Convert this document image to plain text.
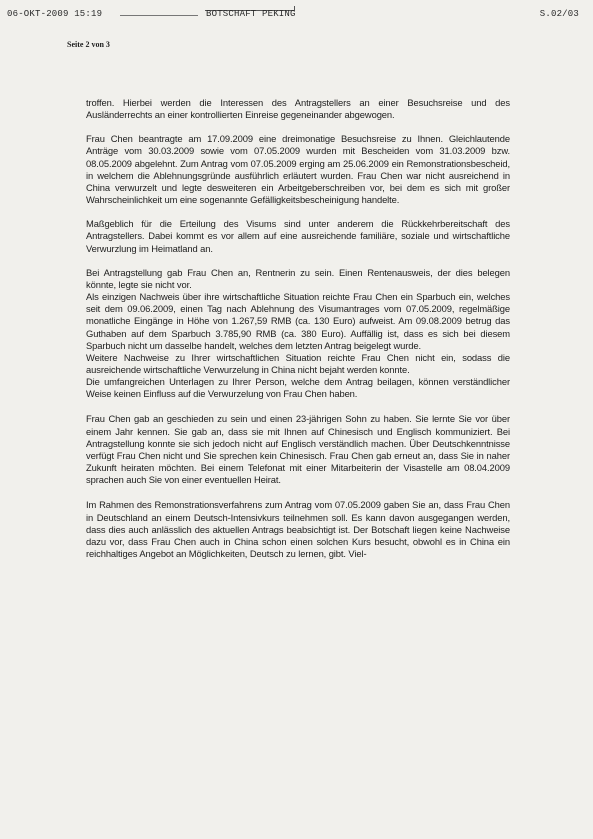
06-OKT-2009 15:19	BOTSCHAFT PEKING	S.02/03
Seite 2 von 3

troffen. Hierbei werden die Interessen des Antragstellers an einer Besuchsreise und des Ausländerrechts an einer kontrollierten Einreise gegeneinander abgewogen.

Frau Chen beantragte am 17.09.2009 eine dreimonatige Besuchsreise zu Ihnen. Gleichlautende Anträge vom 30.03.2009 sowie vom 07.05.2009 wurden mit Bescheiden vom 31.03.2009 bzw. 08.05.2009 abgelehnt. Zum Antrag vom 07.05.2009 erging am 25.06.2009 ein Remonstrationsbescheid, in welchem die Ablehnungsgründe ausführlich erläutert wurden. Frau Chen war nicht ausreichend in China verwurzelt und legte desweiteren ein Arbeitgeberschreiben vor, bei dem es sich mit großer Wahrscheinlichkeit um eine sogenannte Gefälligkeitsbescheinigung handelte.

Maßgeblich für die Erteilung des Visums sind unter anderem die Rückkehrbereitschaft des Antragstellers. Dabei kommt es vor allem auf eine ausreichende familiäre, soziale und wirtschaftliche Verwurzlung im Heimatland an.

Bei Antragstellung gab Frau Chen an, Rentnerin zu sein. Einen Rentenausweis, der dies belegen könnte, legte sie nicht vor.

Als einzigen Nachweis über ihre wirtschaftliche Situation reichte Frau Chen ein Sparbuch ein, welches seit dem 09.06.2009, einen Tag nach Ablehnung des Visumantrages vom 07.05.2009, regelmäßige monatliche Eingänge in Höhe von 1.267,59 RMB (ca. 130 Euro) aufweist. Am 09.08.2009 betrug das Guthaben auf dem Sparbuch 3.785,90 RMB (ca. 380 Euro). Auffällig ist, dass es sich bei diesem Sparbuch nicht um dasselbe handelt, welches dem letzten Antrag beigelegt wurde.

Weitere Nachweise zu Ihrer wirtschaftlichen Situation reichte Frau Chen nicht ein, sodass die ausreichende wirtschaftliche Verwurzelung in China nicht bejaht werden konnte.

Die umfangreichen Unterlagen zu Ihrer Person, welche dem Antrag beilagen, können verständlicher Weise keinen Einfluss auf die Verwurzelung von Frau Chen haben.

Frau Chen gab an geschieden zu sein und einen 23-jährigen Sohn zu haben. Sie lernte Sie vor über einem Jahr kennen. Sie gab an, dass sie mit Ihnen auf Chinesisch und Englisch kommuniziert. Bei Antragstellung konnte sie sich jedoch nicht auf Englisch verständlich machen. Über Deutschkenntnisse verfügt Frau Chen nicht und Sie sprechen kein Chinesisch. Frau Chen gab erneut an, dass Sie in naher Zukunft heiraten möchten. Bei einem Telefonat mit einer Mitarbeiterin der Visastelle am 08.04.2009 sprachen auch Sie von einer eventuellen Heirat.

Im Rahmen des Remonstrationsverfahrens zum Antrag vom 07.05.2009 gaben Sie an, dass Frau Chen in Deutschland an einem Deutsch-Intensivkurs teilnehmen soll. Es kann davon ausgegangen werden, dass dies auch anlässlich des aktuellen Antrags beabsichtigt ist. Der Botschaft liegen keine Nachweise dazu vor, dass Frau Chen auch in China schon einen solchen Kurs besucht, obwohl es in China ein reichhaltiges Angebot an Möglichkeiten, Deutsch zu lernen, gibt. Viel-
